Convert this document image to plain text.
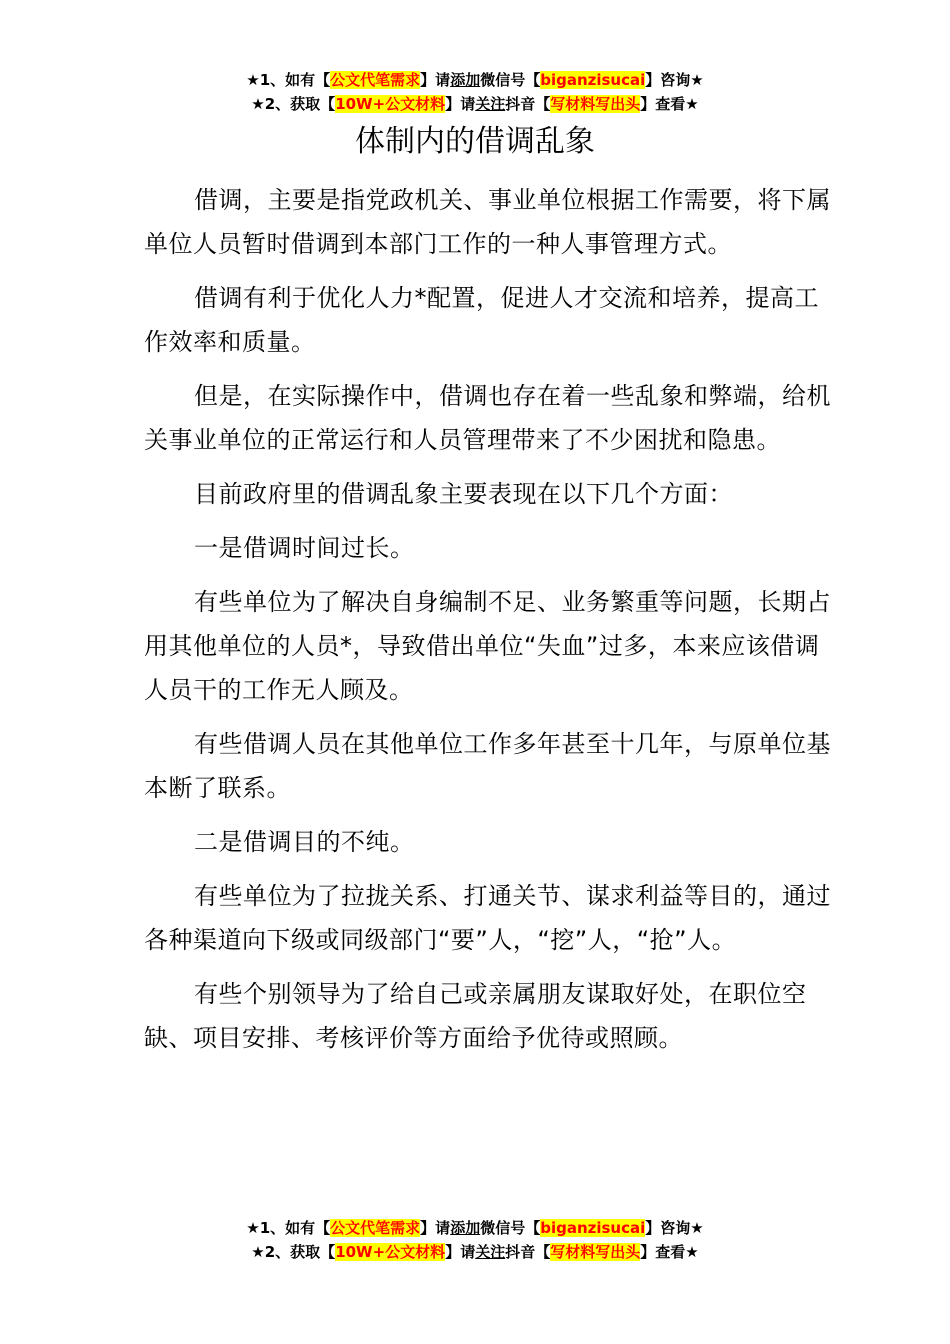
★1、如有【公文代笔需求】请添加微信号【biganzisucai】咨询★
★2、获取【10W+公文材料】请关注抖音【写材料写出头】查看★
体制内的借调乱象

借调，主要是指党政机关、事业单位根据工作需要，将下属单位人员暂时借调到本部门工作的一种人事管理方式。

借调有利于优化人力*配置，促进人才交流和培养，提高工作效率和质量。

但是，在实际操作中，借调也存在着一些乱象和弊端，给机关事业单位的正常运行和人员管理带来了不少困扰和隐患。

目前政府里的借调乱象主要表现在以下几个方面：

一是借调时间过长。

有些单位为了解决自身编制不足、业务繁重等问题，长期占用其他单位的人员*，导致借出单位“失血”过多，本来应该借调人员干的工作无人顾及。

有些借调人员在其他单位工作多年甚至十几年，与原单位基本断了联系。

二是借调目的不纯。

有些单位为了拉拢关系、打通关节、谋求利益等目的，通过各种渠道向下级或同级部门“要”人，“挖”人，“抢”人。

有些个别领导为了给自己或亲属朋友谋取好处，在职位空缺、项目安排、考核评价等方面给予优待或照顾。

★1、如有【公文代笔需求】请添加微信号【biganzisucai】咨询★
★2、获取【10W+公文材料】请关注抖音【写材料写出头】查看★
